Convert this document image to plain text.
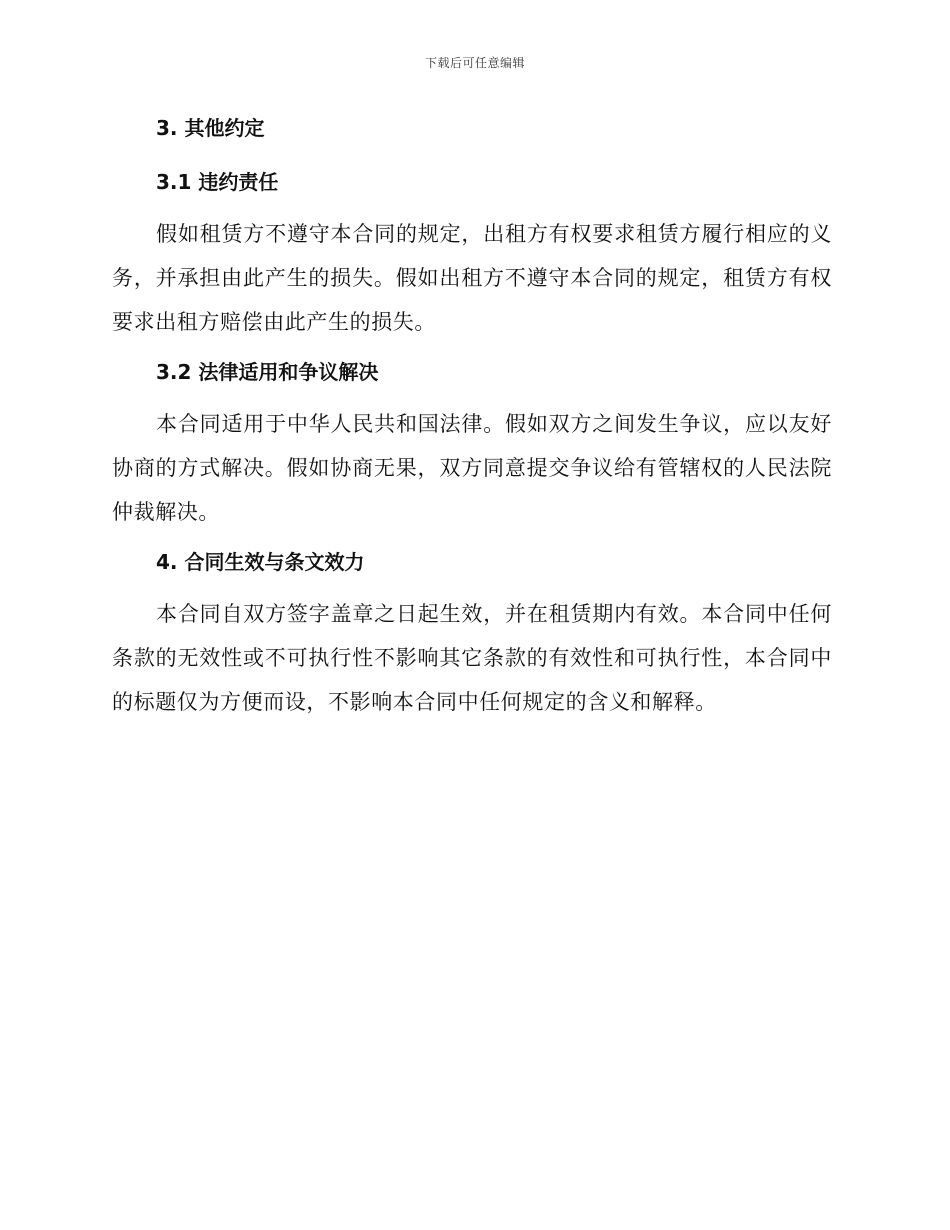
下载后可任意编辑
3. 其他约定
3.1 违约责任

假如租赁方不遵守本合同的规定，出租方有权要求租赁方履行相应的义务，并承担由此产生的损失。假如出租方不遵守本合同的规定，租赁方有权要求出租方赔偿由此产生的损失。

3.2 法律适用和争议解决

本合同适用于中华人民共和国法律。假如双方之间发生争议，应以友好协商的方式解决。假如协商无果，双方同意提交争议给有管辖权的人民法院仲裁解决。

4. 合同生效与条文效力

本合同自双方签字盖章之日起生效，并在租赁期内有效。本合同中任何条款的无效性或不可执行性不影响其它条款的有效性和可执行性，本合同中的标题仅为方便而设，不影响本合同中任何规定的含义和解释。
